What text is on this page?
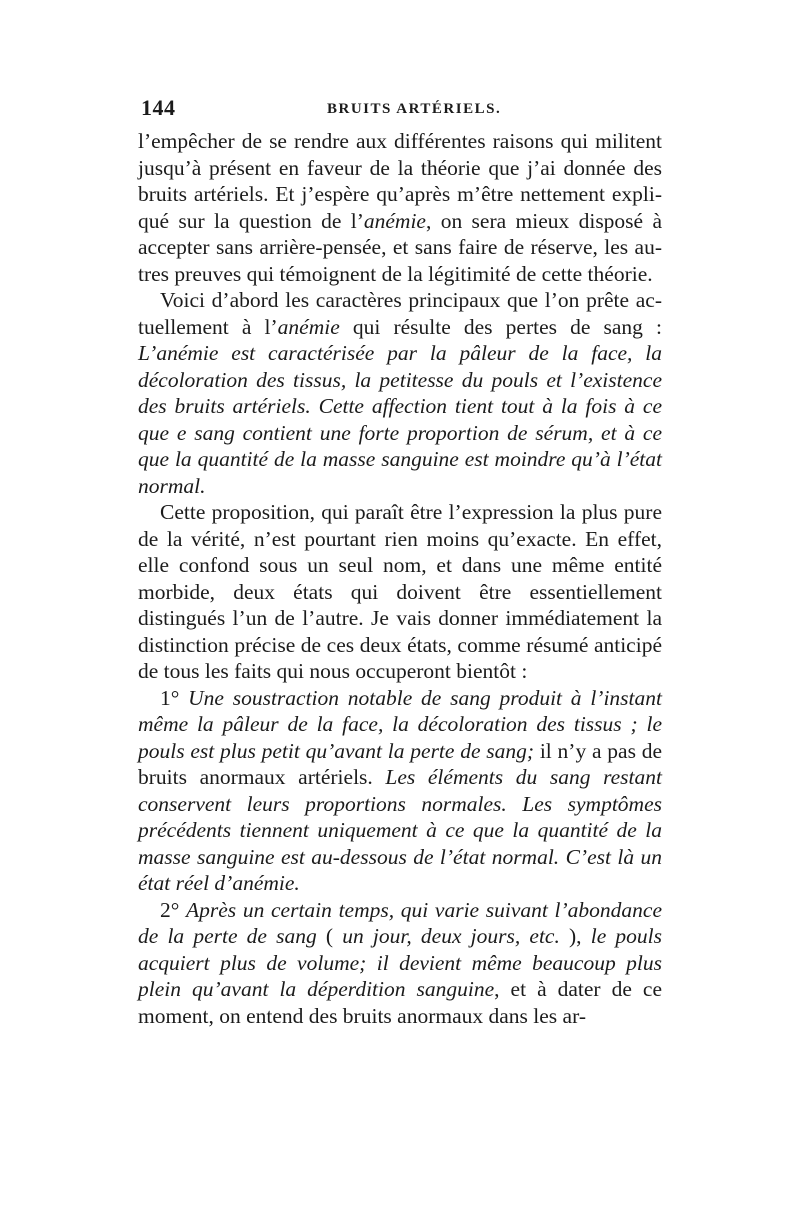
144	BRUITS ARTÉRIELS.

l’empêcher de se rendre aux différentes raisons qui militent jusqu’à présent en faveur de la théorie que j’ai donnée des bruits artériels. Et j’espère qu’après m’être nettement expliqué sur la question de l’anémie, on sera mieux disposé à accepter sans arrière-pensée, et sans faire de réserve, les autres preuves qui témoignent de la légitimité de cette théorie.

Voici d’abord les caractères principaux que l’on prête actuellement à l’anémie qui résulte des pertes de sang : L’anémie est caractérisée par la pâleur de la face, la décoloration des tissus, la petitesse du pouls et l’existence des bruits artériels. Cette affection tient tout à la fois à ce que e sang contient une forte proportion de sérum, et à ce que la quantité de la masse sanguine est moindre qu’à l’état normal.

Cette proposition, qui paraît être l’expression la plus pure de la vérité, n’est pourtant rien moins qu’exacte. En effet, elle confond sous un seul nom, et dans une même entité morbide, deux états qui doivent être essentiellement distingués l’un de l’autre. Je vais donner immédiatement la distinction précise de ces deux états, comme résumé anticipé de tous les faits qui nous occuperont bientôt :

1° Une soustraction notable de sang produit à l’instant même la pâleur de la face, la décoloration des tissus ; le pouls est plus petit qu’avant la perte de sang; il n’y a pas de bruits anormaux artériels. Les éléments du sang restant conservent leurs proportions normales. Les symptômes précédents tiennent uniquement à ce que la quantité de la masse sanguine est au-dessous de l’état normal. C’est là un état réel d’anémie.

2° Après un certain temps, qui varie suivant l’abondance de la perte de sang ( un jour, deux jours, etc. ), le pouls acquiert plus de volume; il devient même beaucoup plus plein qu’avant la déperdition sanguine, et à dater de ce moment, on entend des bruits anormaux dans les ar-
